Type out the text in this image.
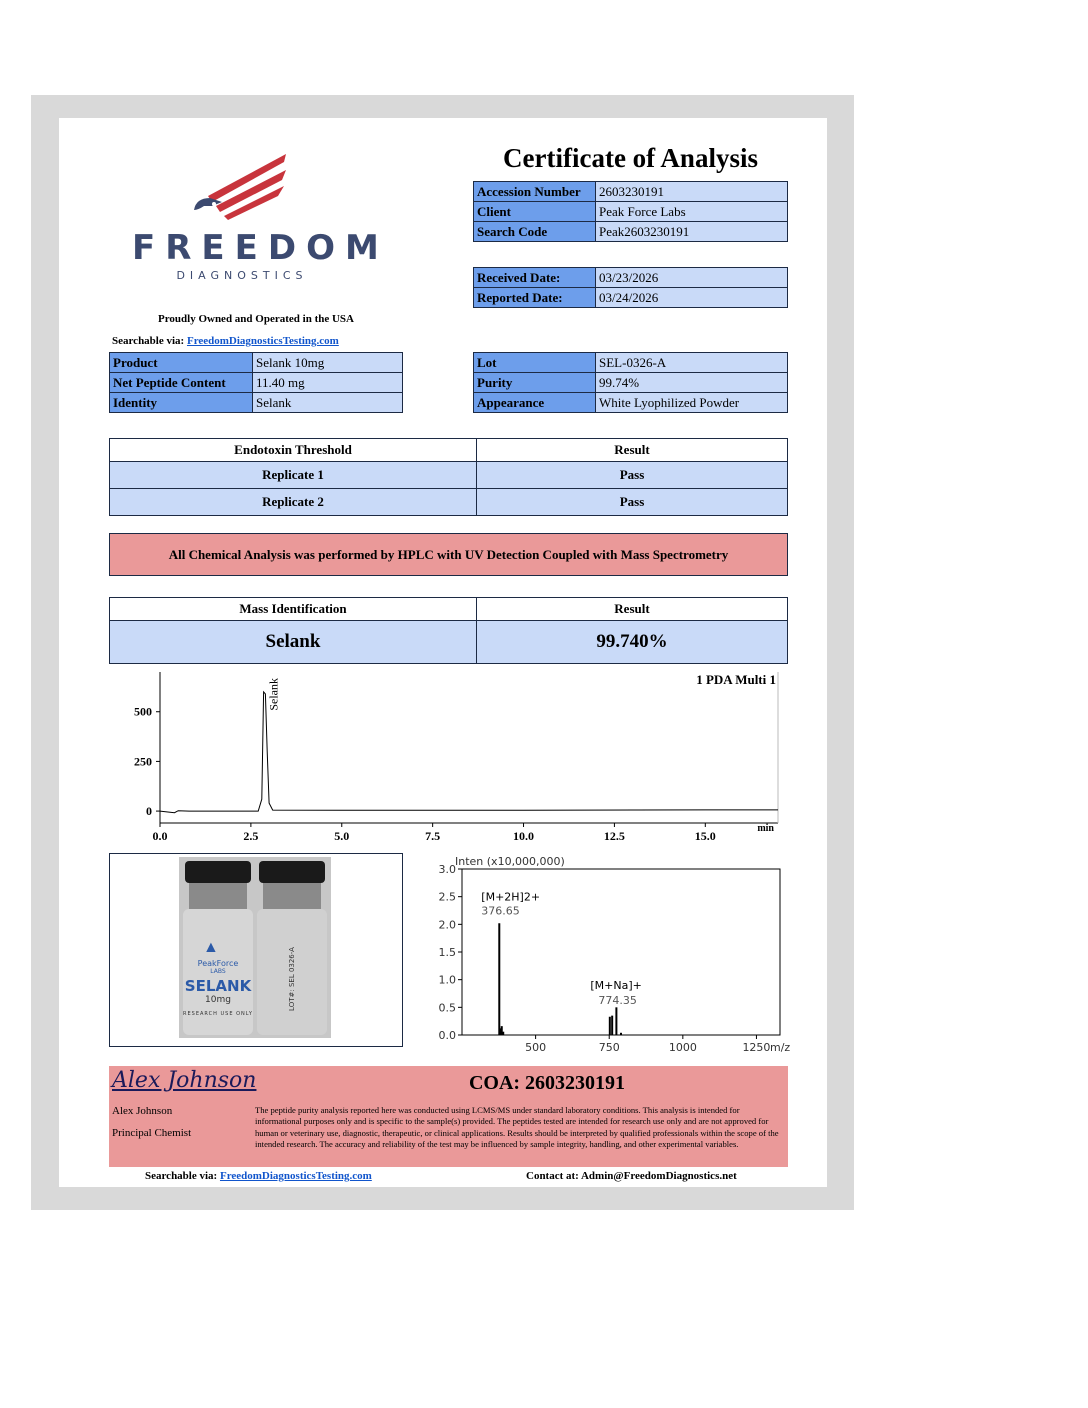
FREEDOM
DIAGNOSTICS
Proudly Owned and Operated in the USA
Searchable via: FreedomDiagnosticsTesting.com
Certificate of Analysis
Accession Number	2603230191
Client	Peak Force Labs
Search Code	Peak2603230191
Received Date:	03/23/2026
Reported Date:	03/24/2026
Product	Selank 10mg
Net Peptide Content	11.40 mg
Identity	Selank
Lot	SEL-0326-A
Purity	99.74%
Appearance	White Lyophilized Powder
Endotoxin Threshold	Result
Replicate 1	Pass
Replicate 2	Pass
All Chemical Analysis was performed by HPLC with UV Detection Coupled with Mass Spectrometry
Mass Identification	Result
Selank	99.740%
0.0	2.5	5.0	7.5	10.0	12.5	15.0
0
250
500
1 PDA Multi 1
min
Selank
▲
PeakForce
LABS
SELANK
10mg
RESEARCH USE ONLY
LOT#: SEL 0326-A
Inten (x10,000,000)
0.0
0.5
1.0
1.5
2.0
2.5
3.0
500	750	1000	1250 m/z
[M+2H]2+
376.65
[M+Na]+
774.35
Alex Johnson	COA: 2603230191
Alex Johnson
Principal Chemist
The peptide purity analysis reported here was conducted using LCMS/MS under standard laboratory conditions. This analysis is intended for informational purposes only and is specific to the sample(s) provided. The peptides tested are intended for research use only and are not approved for human or veterinary use, diagnostic, therapeutic, or clinical applications. Results should be interpreted by qualified professionals within the scope of the intended research. The accuracy and reliability of the test may be influenced by sample integrity, handling, and other experimental variables.
Searchable via: FreedomDiagnosticsTesting.com	Contact at: Admin@FreedomDiagnostics.net
